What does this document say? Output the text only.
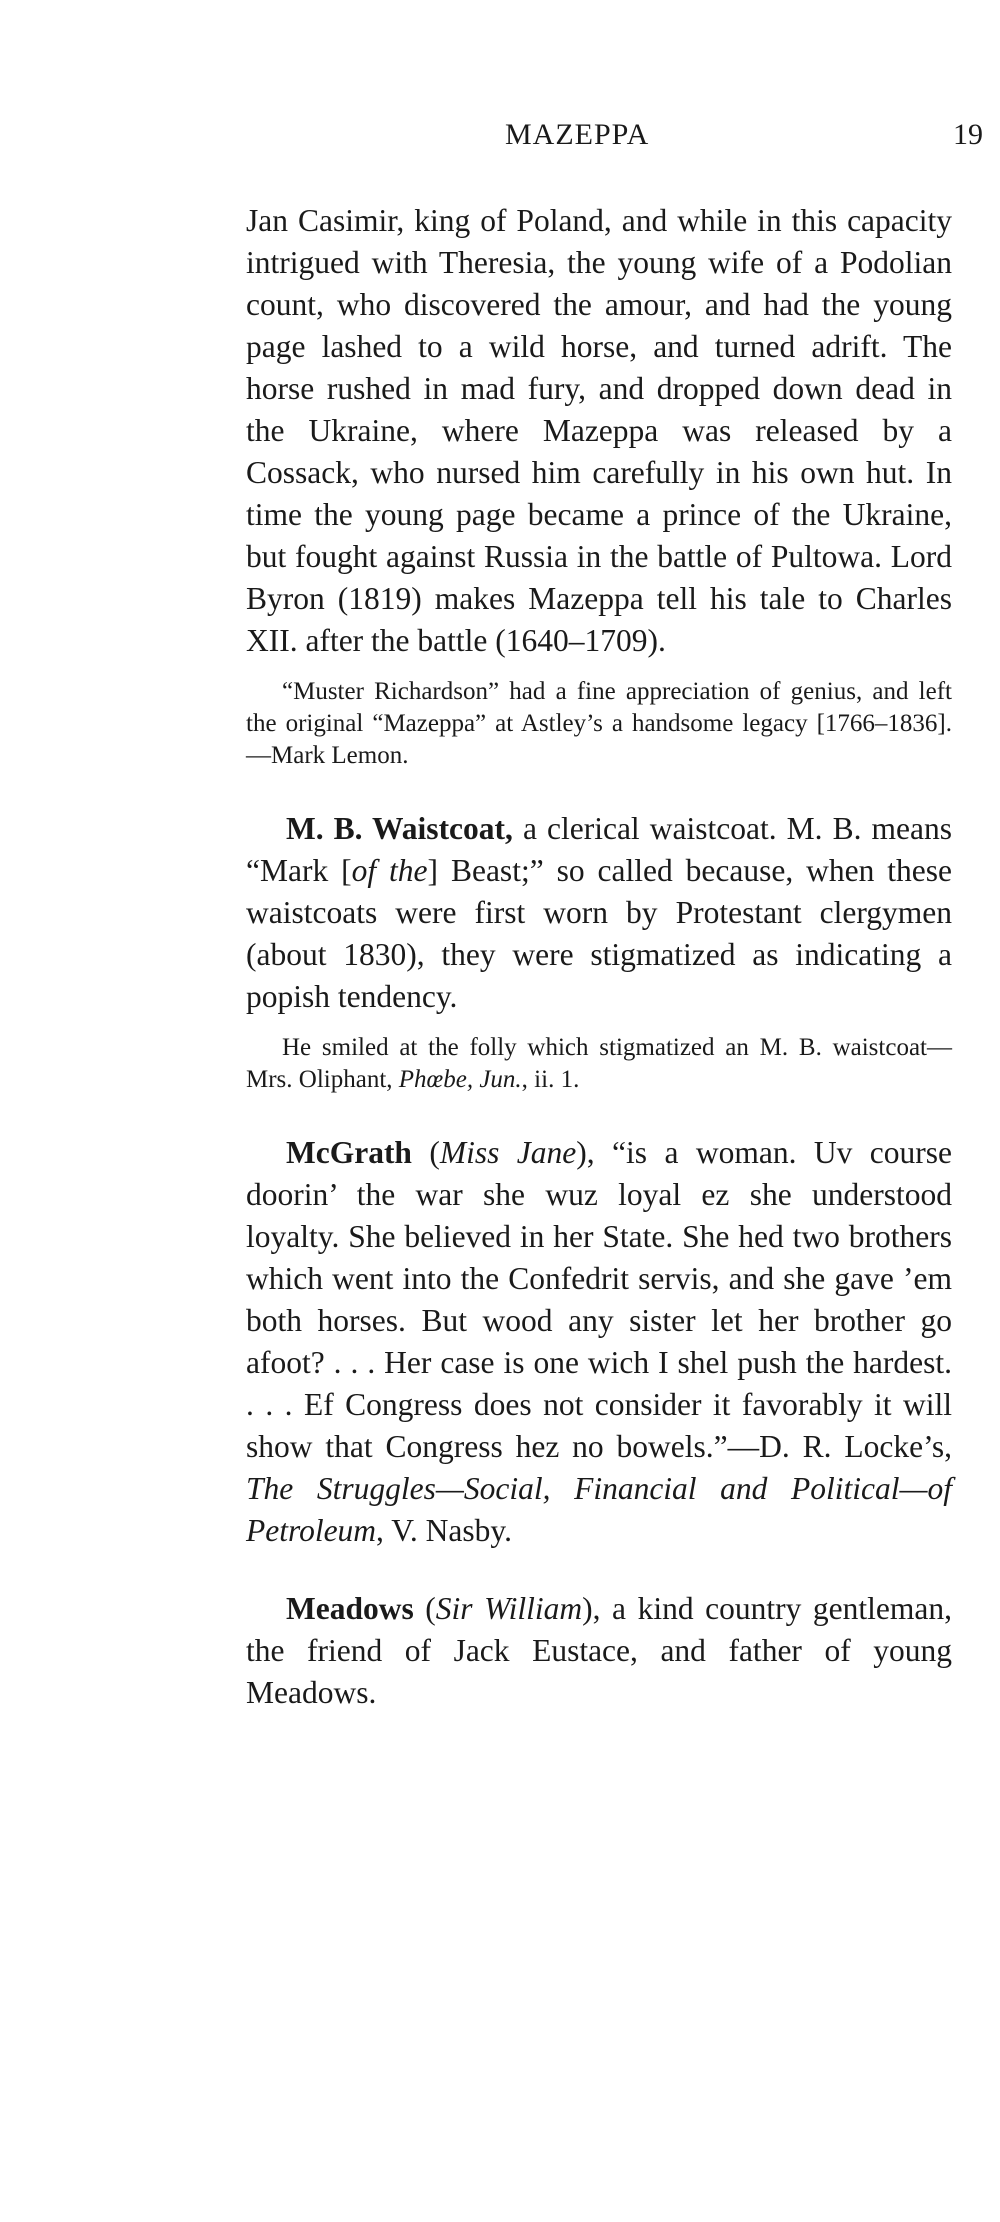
MAZEPPA	19

Jan Casimir, king of Poland, and while in this capacity intrigued with Theresia, the young wife of a Podolian count, who discovered the amour, and had the young page lashed to a wild horse, and turned adrift. The horse rushed in mad fury, and dropped down dead in the Ukraine, where Mazeppa was released by a Cossack, who nursed him carefully in his own hut. In time the young page became a prince of the Ukraine, but fought against Russia in the battle of Pultowa. Lord Byron (1819) makes Mazeppa tell his tale to Charles XII. after the battle (1640–1709).

“Muster Richardson” had a fine appreciation of genius, and left the original “Mazeppa” at Astley’s a handsome legacy [1766–1836].—Mark Lemon.

M. B. Waistcoat, a clerical waistcoat. M. B. means “Mark [of the] Beast;” so called because, when these waistcoats were first worn by Protestant clergymen (about 1830), they were stigmatized as indicating a popish tendency.

He smiled at the folly which stigmatized an M. B. waistcoat—Mrs. Oliphant, Phœbe, Jun., ii. 1.

McGrath (Miss Jane), “is a woman. Uv course doorin’ the war she wuz loyal ez she understood loyalty. She believed in her State. She hed two brothers which went into the Confedrit servis, and she gave ’em both horses. But wood any sister let her brother go afoot? . . . Her case is one wich I shel push the hardest. . . . Ef Congress does not consider it favorably it will show that Congress hez no bowels.”—D. R. Locke’s, The Struggles—Social, Financial and Political—of Petroleum, V. Nasby.

Meadows (Sir William), a kind country gentleman, the friend of Jack Eustace, and father of young Meadows.
